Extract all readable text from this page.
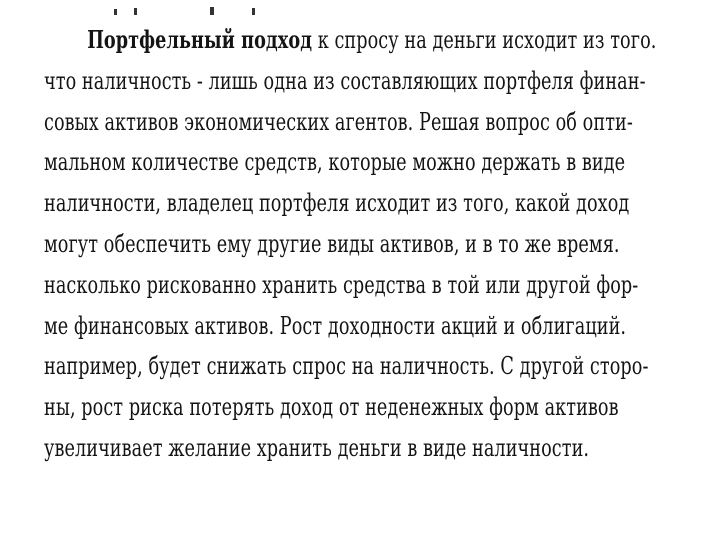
Портфельный подход к спросу на деньги исходит из того.
что наличность - лишь одна из составляющих портфеля финан-
совых активов экономических агентов. Решая вопрос об опти-
мальном количестве средств, которые можно держать в виде
наличности, владелец портфеля исходит из того, какой доход
могут обеспечить ему другие виды активов, и в то же время.
насколько рискованно хранить средства в той или другой фор-
ме финансовых активов. Рост доходности акций и облигаций.
например, будет снижать спрос на наличность. С другой сторо-
ны, рост риска потерять доход от неденежных форм активов
увеличивает желание хранить деньги в виде наличности.
